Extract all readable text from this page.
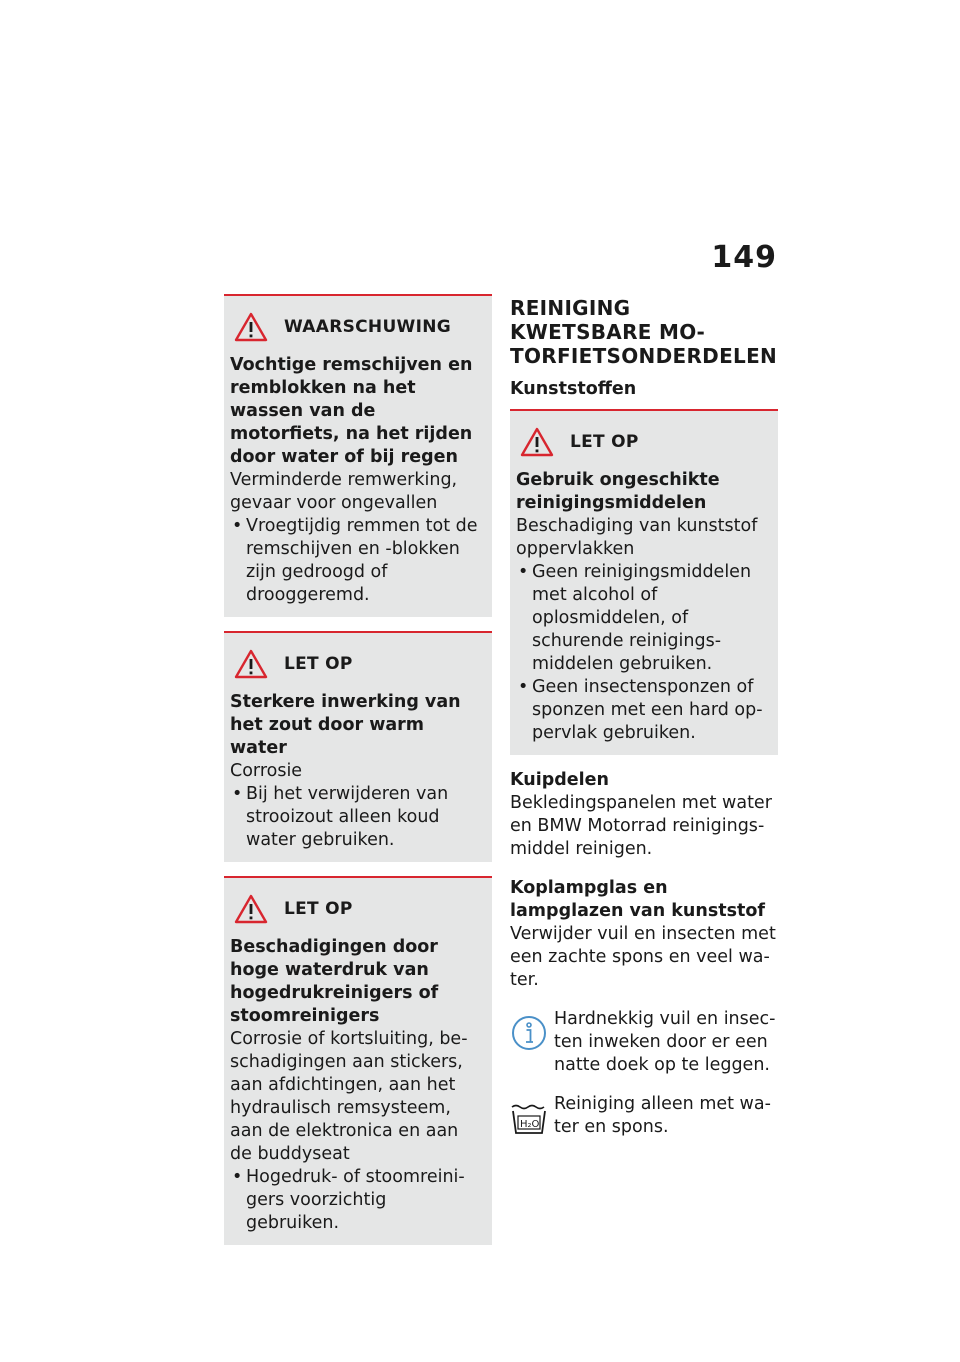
149
WAARSCHUWING
Vochtige remschijven en remblokken na het wassen van de motorfiets, na het rijden door water of bij regen
Verminderde remwerking, gevaar voor ongevallen
• Vroegtijdig remmen tot de remschijven en -blokken zijn gedroogd of drooggeremd.
LET OP
Sterkere inwerking van het zout door warm water
Corrosie
• Bij het verwijderen van strooizout alleen koud water gebruiken.
LET OP
Beschadigingen door hoge waterdruk van hogedrukreinigers of stoomreinigers
Corrosie of kortsluiting, beschadigingen aan stickers, aan afdichtingen, aan het hydraulisch remsysteem, aan de elektronica en aan de buddyseat
• Hogedruk- of stoomreinigers voorzichtig gebruiken.
REINIGING KWETSBARE MOTORFIETSONDERDELEN
Kunststoffen
LET OP
Gebruik ongeschikte reinigingsmiddelen
Beschadiging van kunststof oppervlakken
• Geen reinigingsmiddelen met alcohol of oplosmiddelen, of schurende reinigingsmiddelen gebruiken.
• Geen insectensponzen of sponzen met een hard oppervlak gebruiken.
Kuipdelen
Bekledingspanelen met water en BMW Motorrad reinigingsmiddel reinigen.
Koplampglas en lampglazen van kunststof
Verwijder vuil en insecten met een zachte spons en veel water.
Hardnekkig vuil en insecten inweken door er een natte doek op te leggen.
H₂O
Reiniging alleen met water en spons.
